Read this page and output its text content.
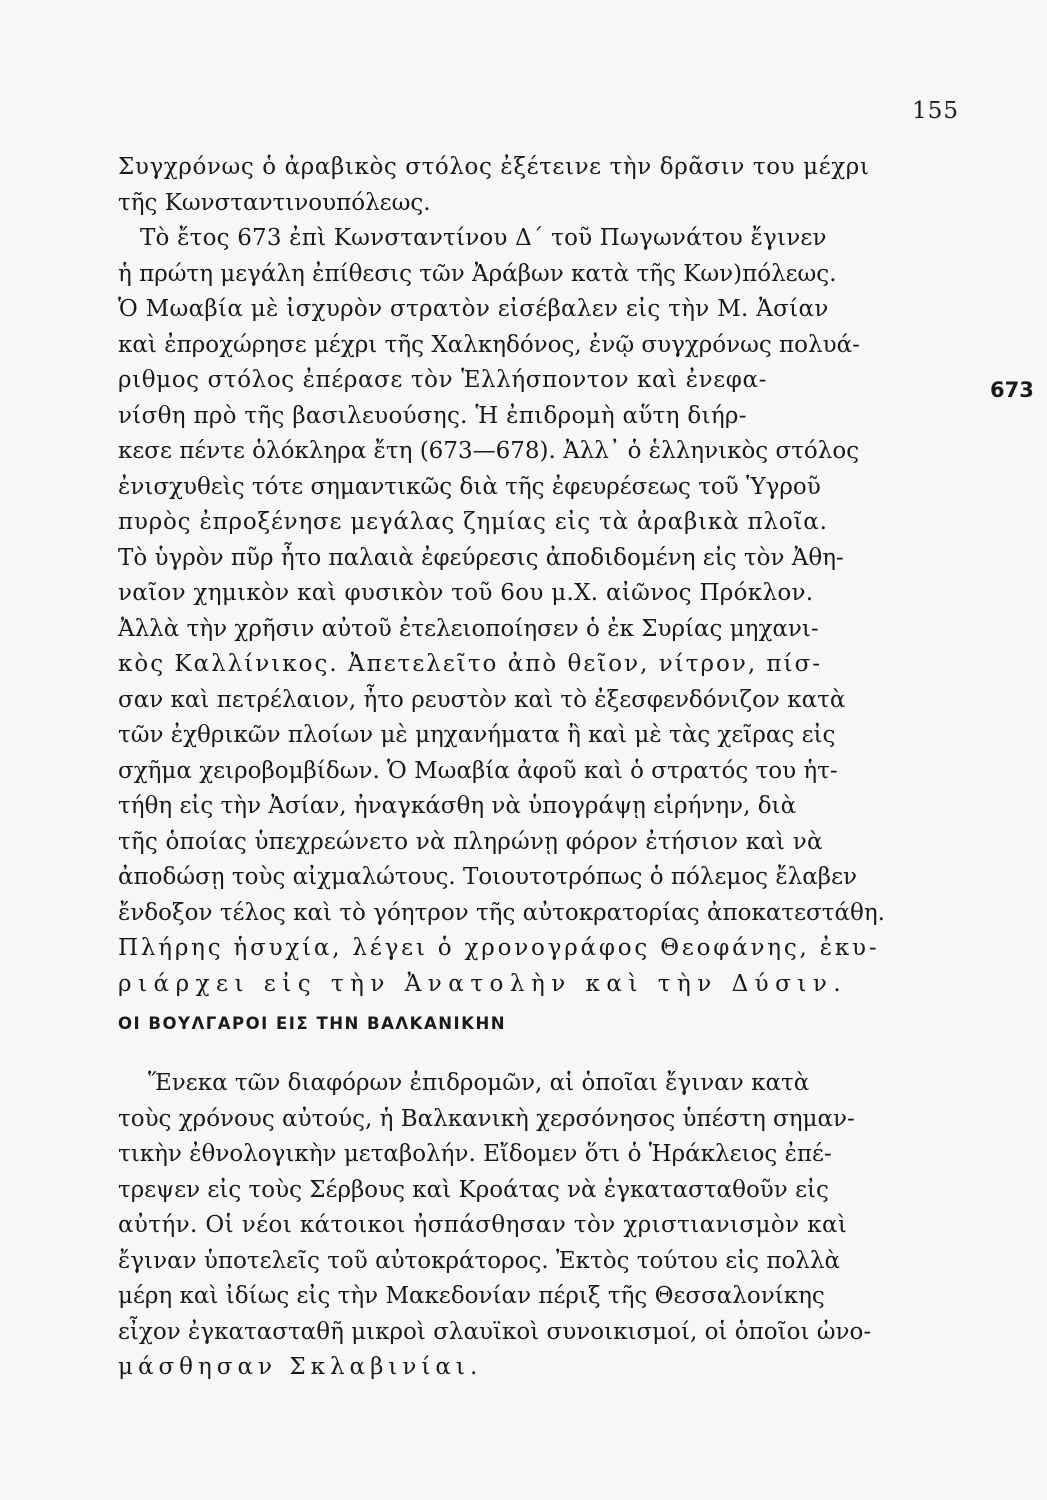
155
673
Συγχρόνως ὁ ἀραβικὸς στόλος ἐξέτεινε τὴν δρᾶσιν του μέχρι
τῆς Κωνσταντινουπόλεως.
Τὸ ἔτος 673 ἐπὶ Κωνσταντίνου Δ΄ τοῦ Πωγωνάτου ἔγινεν
ἡ πρώτη μεγάλη ἐπίθεσις τῶν Ἀράβων κατὰ τῆς Κων)πόλεως.
Ὁ Μωαβία μὲ ἰσχυρὸν στρατὸν εἰσέβαλεν εἰς τὴν Μ. Ἀσίαν
καὶ ἐπροχώρησε μέχρι τῆς Χαλκηδόνος, ἐνῷ συγχρόνως πολυά-
ριθμος στόλος ἐπέρασε τὸν Ἑλλήσποντον καὶ ἐνεφα-
νίσθη πρὸ τῆς βασιλευούσης. Ἡ ἐπιδρομὴ αὕτη διήρ-
κεσε πέντε ὁλόκληρα ἔτη (673—678). Ἀλλ᾽ ὁ ἑλληνικὸς στόλος
ἐνισχυθεὶς τότε σημαντικῶς διὰ τῆς ἐφευρέσεως τοῦ Ὑγροῦ
πυρὸς ἐπροξένησε μεγάλας ζημίας εἰς τὰ ἀραβικὰ πλοῖα.
Τὸ ὑγρὸν πῦρ ἦτο παλαιὰ ἐφεύρεσις ἀποδιδομένη εἰς τὸν Ἀθη-
ναῖον χημικὸν καὶ φυσικὸν τοῦ 6ου μ.Χ. αἰῶνος Πρόκλον.
Ἀλλὰ τὴν χρῆσιν αὐτοῦ ἐτελειοποίησεν ὁ ἐκ Συρίας μηχανι-
κὸς Καλλίνικος. Ἀπετελεῖτο ἀπὸ θεῖον, νίτρον, πίσ-
σαν καὶ πετρέλαιον, ἦτο ρευστὸν καὶ τὸ ἐξεσφενδόνιζον κατὰ
τῶν ἐχθρικῶν πλοίων μὲ μηχανήματα ἢ καὶ μὲ τὰς χεῖρας εἰς
σχῆμα χειροβομβίδων. Ὁ Μωαβία ἀφοῦ καὶ ὁ στρατός του ἡτ-
τήθη εἰς τὴν Ἀσίαν, ἠναγκάσθη νὰ ὑπογράψῃ εἰρήνην, διὰ
τῆς ὁποίας ὑπεχρεώνετο νὰ πληρώνῃ φόρον ἐτήσιον καὶ νὰ
ἀποδώσῃ τοὺς αἰχμαλώτους. Τοιουτοτρόπως ὁ πόλεμος ἔλαβεν
ἔνδοξον τέλος καὶ τὸ γόητρον τῆς αὐτοκρατορίας ἀποκατεστάθη.
Πλήρης ἡσυχία, λέγει ὁ χρονογράφος Θεοφάνης, ἐκυ-
ριάρχει εἰς τὴν Ἀνατολὴν καὶ τὴν Δύσιν.
ΟΙ ΒΟΥΛΓΑΡΟΙ ΕΙΣ ΤΗΝ ΒΑΛΚΑΝΙΚΗΝ
Ἕνεκα τῶν διαφόρων ἐπιδρομῶν, αἱ ὁποῖαι ἔγιναν κατὰ
τοὺς χρόνους αὐτούς, ἡ Βαλκανικὴ χερσόνησος ὑπέστη σημαν-
τικὴν ἐθνολογικὴν μεταβολήν. Εἴδομεν ὅτι ὁ Ἡράκλειος ἐπέ-
τρεψεν εἰς τοὺς Σέρβους καὶ Κροάτας νὰ ἐγκατασταθοῦν εἰς
αὐτήν. Οἱ νέοι κάτοικοι ἠσπάσθησαν τὸν χριστιανισμὸν καὶ
ἔγιναν ὑποτελεῖς τοῦ αὐτοκράτορος. Ἐκτὸς τούτου εἰς πολλὰ
μέρη καὶ ἰδίως εἰς τὴν Μακεδονίαν πέριξ τῆς Θεσσαλονίκης
εἶχον ἐγκατασταθῆ μικροὶ σλαυϊκοὶ συνοικισμοί, οἱ ὁποῖοι ὠνο-
μάσθησαν Σκλαβινίαι.
